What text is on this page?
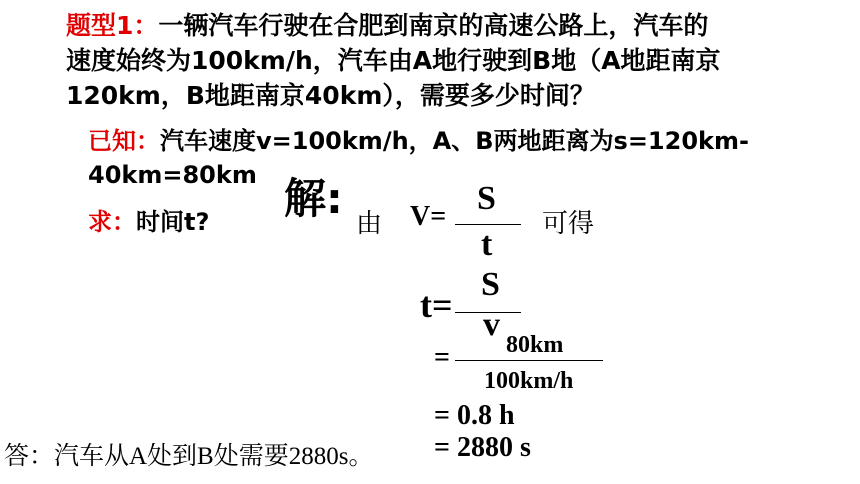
题型1：一辆汽车行驶在合肥到南京的高速公路上，汽车的
速度始终为100km/h，汽车由A地行驶到B地（A地距南京
120km，B地距南京40km），需要多少时间？
已知：汽车速度v=100km/h，A、B两地距离为s=120km-
40km=80km
求：时间t? 解:
由 V= S
t
可得
t=
S
v
= 80km
100km/h
= 0.8 h
= 2880 s
答：汽车从A处到B处需要2880s。
